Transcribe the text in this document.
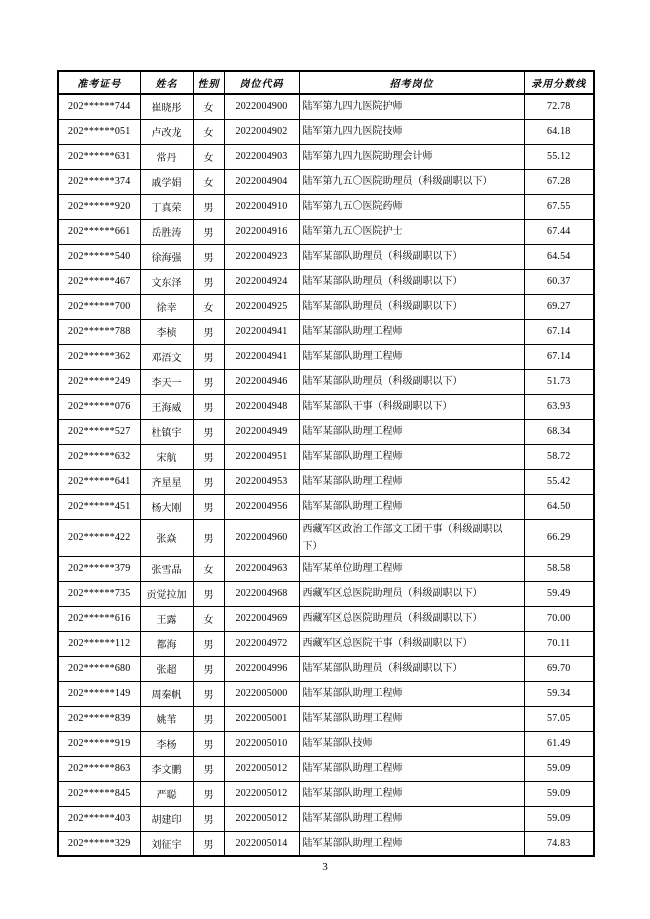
准考证号	姓名	性别	岗位代码	招考岗位	录用分数线
202******744	崔晓彤	女	2022004900	陆军第九四九医院护师	72.78
202******051	卢改龙	女	2022004902	陆军第九四九医院技师	64.18
202******631	常丹	女	2022004903	陆军第九四九医院助理会计师	55.12
202******374	戚学娟	女	2022004904	陆军第九五〇医院助理员（科级副职以下）	67.28
202******920	丁真荣	男	2022004910	陆军第九五〇医院药师	67.55
202******661	岳胜涛	男	2022004916	陆军第九五〇医院护士	67.44
202******540	徐海强	男	2022004923	陆军某部队助理员（科级副职以下）	64.54
202******467	文东泽	男	2022004924	陆军某部队助理员（科级副职以下）	60.37
202******700	徐幸	女	2022004925	陆军某部队助理员（科级副职以下）	69.27
202******788	李桢	男	2022004941	陆军某部队助理工程师	67.14
202******362	邓浯文	男	2022004941	陆军某部队助理工程师	67.14
202******249	李天一	男	2022004946	陆军某部队助理员（科级副职以下）	51.73
202******076	王海威	男	2022004948	陆军某部队干事（科级副职以下）	63.93
202******527	杜镇宇	男	2022004949	陆军某部队助理工程师	68.34
202******632	宋航	男	2022004951	陆军某部队助理工程师	58.72
202******641	齐星星	男	2022004953	陆军某部队助理工程师	55.42
202******451	杨大刚	男	2022004956	陆军某部队助理工程师	64.50
202******422	张焱	男	2022004960	西藏军区政治工作部文工团干事（科级副职以下）	66.29
202******379	张雪晶	女	2022004963	陆军某单位助理工程师	58.58
202******735	贡觉拉加	男	2022004968	西藏军区总医院助理员（科级副职以下）	59.49
202******616	王露	女	2022004969	西藏军区总医院助理员（科级副职以下）	70.00
202******112	都海	男	2022004972	西藏军区总医院干事（科级副职以下）	70.11
202******680	张超	男	2022004996	陆军某部队助理员（科级副职以下）	69.70
202******149	周秦帆	男	2022005000	陆军某部队助理工程师	59.34
202******839	姚苇	男	2022005001	陆军某部队助理工程师	57.05
202******919	李杨	男	2022005010	陆军某部队技师	61.49
202******863	李文鹏	男	2022005012	陆军某部队助理工程师	59.09
202******845	严聪	男	2022005012	陆军某部队助理工程师	59.09
202******403	胡建印	男	2022005012	陆军某部队助理工程师	59.09
202******329	刘征宇	男	2022005014	陆军某部队助理工程师	74.83
3
